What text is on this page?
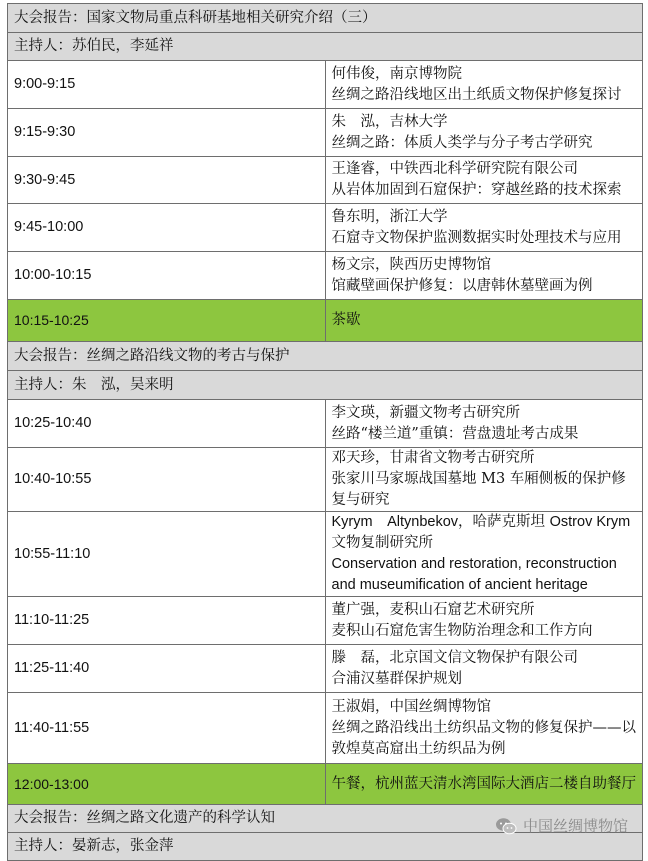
大会报告：国家文物局重点科研基地相关研究介绍（三）	
主持人：苏伯民，李延祥	
9:00-9:15	何伟俊，南京博物院
丝绸之路沿线地区出土纸质文物保护修复探讨

9:15-9:30	朱　泓，吉林大学
丝绸之路：体质人类学与分子考古学研究

9:30-9:45	王逢睿，中铁西北科学研究院有限公司
从岩体加固到石窟保护：穿越丝路的技术探索

9:45-10:00	鲁东明，浙江大学
石窟寺文物保护监测数据实时处理技术与应用

10:00-10:15	杨文宗，陕西历史博物馆
馆藏壁画保护修复：以唐韩休墓壁画为例

10:15-10:25	茶歇
大会报告：丝绸之路沿线文物的考古与保护	
主持人：朱　泓，吴来明	
10:25-10:40	李文瑛，新疆文物考古研究所
丝路“楼兰道”重镇：营盘遗址考古成果

10:40-10:55	邓天珍，甘肃省文物考古研究所
张家川马家塬战国墓地 M3 车厢侧板的保护修复与研究

10:55-11:10	Kyrym　Altynbekov，哈萨克斯坦 Ostrov Krym 文物复制研究所
Conservation and restoration, reconstruction and museumification of ancient heritage

11:10-11:25	董广强，麦积山石窟艺术研究所
麦积山石窟危害生物防治理念和工作方向

11:25-11:40	滕　磊，北京国文信文物保护有限公司
合浦汉墓群保护规划

11:40-11:55	王淑娟，中国丝绸博物馆
丝绸之路沿线出土纺织品文物的修复保护——以敦煌莫高窟出土纺织品为例

12:00-13:00	午餐，杭州蓝天清水湾国际大酒店二楼自助餐厅
大会报告：丝绸之路文化遗产的科学认知	
主持人：晏新志，张金萍	
中国丝绸博物馆
